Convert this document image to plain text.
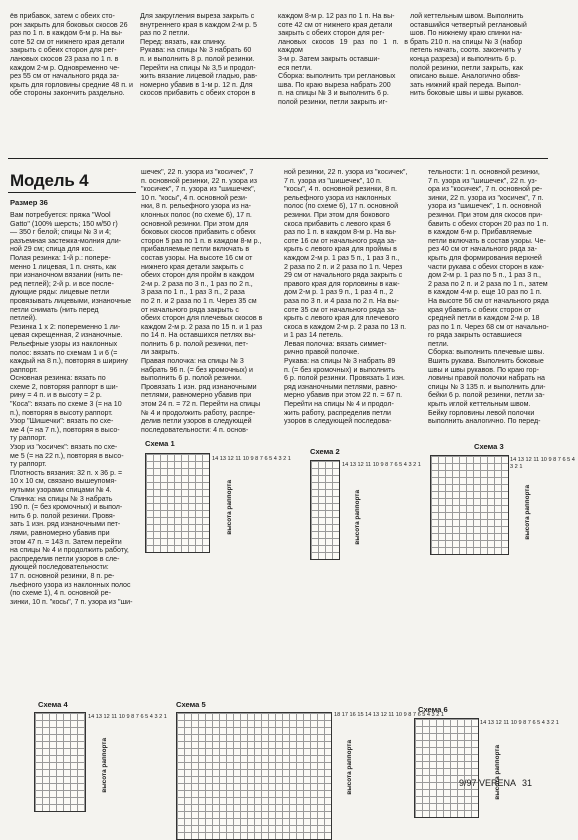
ёв прибавок, затем с обеих сто-
рон закрыть для боковых скосов 26
раз по 1 п. в каждом 6-м р. На вы-
соте 52 см от нижнего края детали
закрыть с обеих сторон для рег-
лановых скосов 23 раза по 1 п. в
каждом 2-м р. Одновременно че-
рез 55 см от начального ряда за-
крыть для горловины средние 48 п. и
обе стороны закончить раздельно.
Для закругления выреза закрыть с
внутреннего края в каждом 2-м р. 5
раз по 2 петли.
Перед: вязать, как спинку.
Рукава: на спицы № 3 набрать 60
п. и выполнить 8 р. полой резинки.
Перейти на спицы № 3,5 и продол-
жить вязание лицевой гладью, рав-
номерно убавив в 1-м р. 12 п. Для
скосов прибавить с обеих сторон в
каждом 8-м р. 12 раз по 1 п. На вы-
соте 42 см от нижнего края детали
закрыть с обеих сторон для рег-
лановых скосов 19 раз по 1 п. в каждом
3-м р. Затем закрыть оставши-
еся петли.
Сборка: выполнить три реглановых
шва. По краю выреза набрать 200
п. на спицы № 3 и выполнить 6 р.
полой резинки, петли закрыть иг-
лой кеттельным швом. Выполнить
оставшийся четвертый реглановый
шов. По нижнему краю спинки на-
брать 210 п. на спицы № 3 (набор
петель начать, соотв. закончить у
конца разреза) и выполнить 6 р.
полой резинки, петли закрыть, как
описано выше. Аналогично обвя-
зать нижний край переда. Выпол-
нить боковые швы и швы рукавов.
Модель 4
Размер 36
Вам потребуется: пряжа "Wool
Gatto" (100% шерсть; 150 м/50 г)
— 350 г белой; спицы № 3 и 4;
разъемная застежка-молния дли-
ной 29 см; спица для кос.
Полая резинка: 1-й р.: попере-
менно 1 лицевая, 1 п. снять, как
при изнаночном вязании (нить пе-
ред петлей); 2-й р. и все после-
дующие ряды: лицевые петли
провязывать лицевыми, изнаночные
петли снимать (нить перед
петлей).
Резинка 1 х 2: попеременно 1 ли-
цевая скрещенная, 2 изнаночные.
Рельефные узоры из наклонных
полос: вязать по схемам 1 и 6 (=
каждый на 8 п.), повторяя в ширину
раппорт.
Основная резинка: вязать по
схеме 2, повторяя раппорт в ши-
рину = 4 п. и в высоту = 2 р.
"Коса": вязать по схеме 3 (= на 10
п.), повторяя в высоту раппорт.
Узор "Шишечки": вязать по схе-
ме 4 (= на 7 п.), повторяя в высо-
ту раппорт.
Узор из "косичек": вязать по схе-
ме 5 (= на 22 п.), повторяя в высо-
ту раппорт.
Плотность вязания: 32 п. х 36 р. =
10 х 10 см, связано вышеупомя-
нутыми узорами спицами № 4.
Спинка: на спицы № 3 набрать
190 п. (= без кромочных) и выпол-
нить 6 р. полой резинки. Провя-
зать 1 изн. ряд изнаночными пет-
лями, равномерно убавив при
этом 47 п. = 143 п. Затем перейти
на спицы № 4 и продолжить работу,
распределив петли узоров в сле-
дующей последовательности:
17 п. основной резинки, 8 п. ре-
льефного узора из наклонных полос
(по схеме 1), 4 п. основной ре-
зинки, 10 п. "косы", 7 п. узора из "ши-
шечек", 22 п. узора из "косичек", 7
п. основной резинки, 22 п. узора из
"косичек", 7 п. узора из "шишечек",
10 п. "косы", 4 п. основной рези-
нки, 8 п. рельефного узора из на-
клонных полос (по схеме 6), 17 п.
основной резинки. При этом для
боковых скосов прибавить с обеих
сторон 5 раз по 1 п. в каждом 8-м р.,
прибавляемые петли включать в
состав узоры. На высоте 16 см от
нижнего края детали закрыть с
обеих сторон для пройм в каждом
2-м р. 2 раза по 3 п., 1 раз по 2 п.,
3 раза по 1 п., 1 раз 3 п., 2 раза
по 2 п. и 2 раза по 1 п. Через 35 см
от начального ряда закрыть с
обеих сторон для плечевых скосов в
каждом 2-м р. 2 раза по 15 п. и 1 раз
по 14 п. На оставшихся петлях вы-
полнить 6 р. полой резинки, пет-
ли закрыть.
Правая полочка: на спицы № 3
набрать 96 п. (= без кромочных) и
выполнить 6 р. полой резинки.
Провязать 1 изн. ряд изнаночными
петлями, равномерно убавив при
этом 24 п. = 72 п. Перейти на спицы
№ 4 и продолжить работу, распре-
делив петли узоров в следующей
последовательности: 4 п. основ-
ной резинки, 22 п. узора из "косичек",
7 п. узора из "шишечек", 10 п.
"косы", 4 п. основной резинки, 8 п.
рельефного узора из наклонных
полос (по схеме 6), 17 п. основной
резинки. При этом для бокового
скоса прибавить с левого края 6
раз по 1 п. в каждом 8-м р. На вы-
соте 16 см от начального ряда за-
крыть с левого края для проймы в
каждом 2-м р. 1 раз 5 п., 1 раз 3 п.,
2 раза по 2 п. и 2 раза по 1 п. Через
29 см от начального ряда закрыть с
правого края для горловины в каж-
дом 2-м р. 1 раз 9 п., 1 раз 4 п., 2
раза по 3 п. и 4 раза по 2 п. На вы-
соте 35 см от начального ряда за-
крыть с левого края для плечевого
скоса в каждом 2-м р. 2 раза по 13 п.
и 1 раз 14 петель.
Левая полочка: вязать симмет-
рично правой полочке.
Рукава: на спицы № 3 набрать 89
п. (= без кромочных) и выполнить
6 р. полой резинки. Провязать 1 изн.
ряд изнаночными петлями, равно-
мерно убавив при этом 22 п. = 67 п.
Перейти на спицы № 4 и продол-
жить работу, распределив петли
узоров в следующей последова-
тельности: 1 п. основной резинки,
7 п. узора из "шишечек", 22 п. уз-
ора из "косичек", 7 п. основной ре-
зинки, 22 п. узора из "косичек", 7 п.
узора из "шишечек", 1 п. основной
резинки. При этом для скосов при-
бавить с обеих сторон 20 раз по 1 п.
в каждом 6-м р. Прибавляемые
петли включать в состав узоры. Че-
рез 40 см от начального ряда за-
крыть для формирования верхней
части рукава с обеих сторон в каж-
дом 2-м р. 1 раз по 5 п., 1 раз 3 п.,
2 раза по 2 п. и 2 раза по 1 п., затем
в каждом 4-м р. еще 10 раз по 1 п.
На высоте 56 см от начального ряда
края убавить с обеих сторон от
средней петли в каждом 2-м р. 18
раз по 1 п. Через 68 см от начально-
го ряда закрыть оставшиеся
петли.
Сборка: выполнить плечевые швы.
Вшить рукава. Выполнить боковые
швы и швы рукавов. По краю гор-
ловины правой полочки набрать на
спицы № 3 135 п. и выполнить дли-
бейки 6 р. полой резинки, петли за-
крыть иглой кеттельным швом.
Бейку горловины левой полочки
выполнить аналогично. По перед-
Схема 1
14 13 12 11 10 9 8 7 6 5 4 3 2 1
высота раппорта
Схема 2
14 13 12 11 10 9 8 7 6 5 4 3 2 1
высота раппорта
Схема 3
14 13 12 11 10 9 8 7 6 5 4 3 2 1
высота раппорта
Схема 4
14 13 12 11 10 9 8 7 6 5 4 3 2 1
высота раппорта
Схема 5
18 17 16 15 14 13 12 11 10 9 8 7 6 5 4 3 2 1
высота раппорта
Схема 6
14 13 12 11 10 9 8 7 6 5 4 3 2 1
высота раппорта
9/97 VERENA 31
